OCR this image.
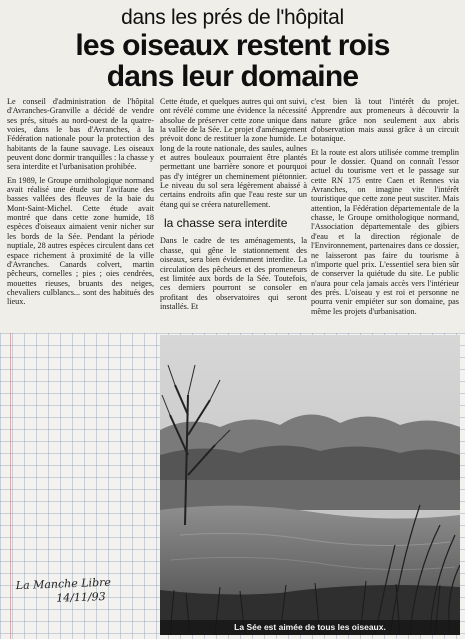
dans les prés de l'hôpital
les oiseaux restent rois
dans leur domaine

Le conseil d'administration de l'hôpital d'Avranches-Granville a décidé de vendre ses prés, situés au nord-ouest de la quatre-voies, dans le bas d'Avranches, à la Fédération nationale pour la protection des habitants de la faune sauvage. Les oiseaux peuvent donc dormir tranquilles : la chasse y sera interdite et l'urbanisation prohibée.

En 1989, le Groupe ornithologique normand avait réalisé une étude sur l'avifaune des basses vallées des fleuves de la baie du Mont-Saint-Michel. Cette étude avait montré que dans cette zone humide, 18 espèces d'oiseaux aimaient venir nicher sur les bords de la Sée. Pendant la période nuptiale, 28 autres espèces circulent dans cet espace richement à proximité de la ville d'Avranches. Canards colvert, martin pêcheurs, cornelles ; pies ; oies cendrées, mouettes rieuses, bruants des neiges, chevaliers culblancs... sont des habitués des lieux.

Cette étude, et quelques autres qui ont suivi, ont révélé comme une évidence la nécessité absolue de préserver cette zone unique dans la vallée de la Sée. Le projet d'aménagement prévoit donc de restituer la zone humide. Le long de la route nationale, des saules, aulnes et autres bouleaux pourraient être plantés permettant une barrière sonore et pourquoi pas d'y intégrer un cheminement piétonnier. Le niveau du sol sera légèrement abaissé à certains endroits afin que l'eau reste sur un étang qui se créera naturellement.

la chasse sera interdite

Dans le cadre de tes aménagements, la chasse, qui gêne le stationnement des oiseaux, sera bien évidemment interdite. La circulation des pêcheurs et des promeneurs est limitée aux bords de la Sée. Toutefois, ces derniers pourront se consoler en profitant des observatoires qui seront installés. Et

c'est bien là tout l'intérêt du projet. Apprendre aux promeneurs à découvrir la nature grâce non seulement aux abris d'observation mais aussi grâce à un circuit botanique.

Et la route est alors utilisée comme tremplin pour le dossier. Quand on connaît l'essor actuel du tourisme vert et le passage sur cette RN 175 entre Caen et Rennes via Avranches, on imagine vite l'intérêt touristique que cette zone peut susciter. Mais attention, la Fédération départementale de la chasse, le Groupe ornithologique normand, l'Association départementale des gibiers d'eau et la direction régionale de l'Environnement, partenaires dans ce dossier, ne laisseront pas faire du tourisme à n'importe quel prix. L'essentiel sera bien sûr de conserver la quiétude du site. Le public n'aura pour cela jamais accès vers l'intérieur des prés. L'oiseau y est roi et personne ne pourra venir empiéter sur son domaine, pas même les projets d'urbanisation.

La Sée est aimée de tous les oiseaux.
La Manche Libre
14/11/93
